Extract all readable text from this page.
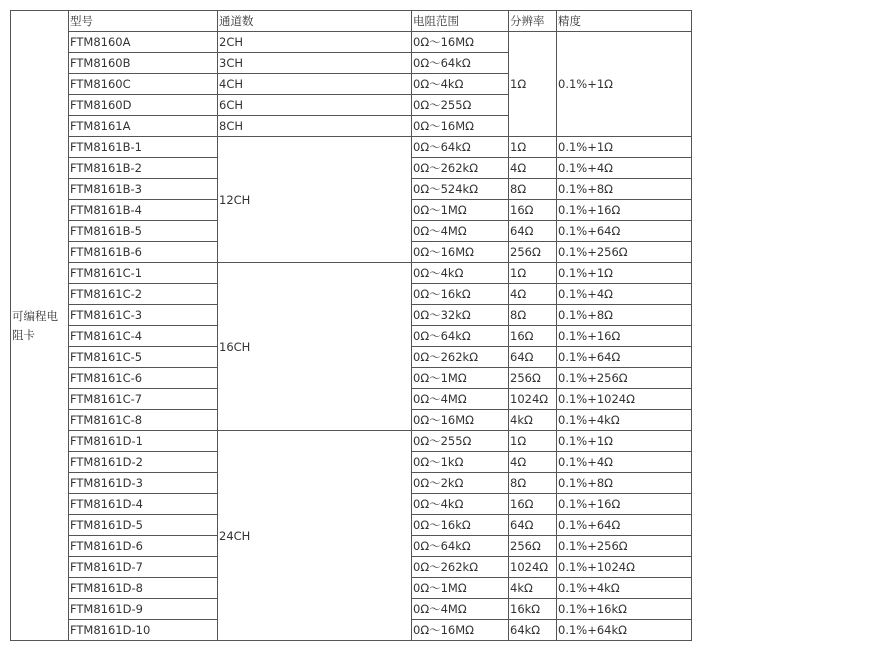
可编程电阻卡	型号	通道数	电阻范围	分辨率	精度
	FTM8160A	2CH	0Ω～16MΩ	1Ω	0.1%+1Ω
	FTM8160B	3CH	0Ω～64kΩ		
	FTM8160C	4CH	0Ω～4kΩ		
	FTM8160D	6CH	0Ω～255Ω		
	FTM8161A	8CH	0Ω～16MΩ		
	FTM8161B-1	12CH	0Ω～64kΩ	1Ω	0.1%+1Ω
	FTM8161B-2		0Ω～262kΩ	4Ω	0.1%+4Ω
	FTM8161B-3		0Ω～524kΩ	8Ω	0.1%+8Ω
	FTM8161B-4		0Ω～1MΩ	16Ω	0.1%+16Ω
	FTM8161B-5		0Ω～4MΩ	64Ω	0.1%+64Ω
	FTM8161B-6		0Ω～16MΩ	256Ω	0.1%+256Ω
	FTM8161C-1	16CH	0Ω～4kΩ	1Ω	0.1%+1Ω
	FTM8161C-2		0Ω～16kΩ	4Ω	0.1%+4Ω
	FTM8161C-3		0Ω～32kΩ	8Ω	0.1%+8Ω
	FTM8161C-4		0Ω～64kΩ	16Ω	0.1%+16Ω
	FTM8161C-5		0Ω～262kΩ	64Ω	0.1%+64Ω
	FTM8161C-6		0Ω～1MΩ	256Ω	0.1%+256Ω
	FTM8161C-7		0Ω～4MΩ	1024Ω	0.1%+1024Ω
	FTM8161C-8		0Ω～16MΩ	4kΩ	0.1%+4kΩ
	FTM8161D-1	24CH	0Ω～255Ω	1Ω	0.1%+1Ω
	FTM8161D-2		0Ω～1kΩ	4Ω	0.1%+4Ω
	FTM8161D-3		0Ω～2kΩ	8Ω	0.1%+8Ω
	FTM8161D-4		0Ω～4kΩ	16Ω	0.1%+16Ω
	FTM8161D-5		0Ω～16kΩ	64Ω	0.1%+64Ω
	FTM8161D-6		0Ω～64kΩ	256Ω	0.1%+256Ω
	FTM8161D-7		0Ω～262kΩ	1024Ω	0.1%+1024Ω
	FTM8161D-8		0Ω～1MΩ	4kΩ	0.1%+4kΩ
	FTM8161D-9		0Ω～4MΩ	16kΩ	0.1%+16kΩ
	FTM8161D-10		0Ω～16MΩ	64kΩ	0.1%+64kΩ
